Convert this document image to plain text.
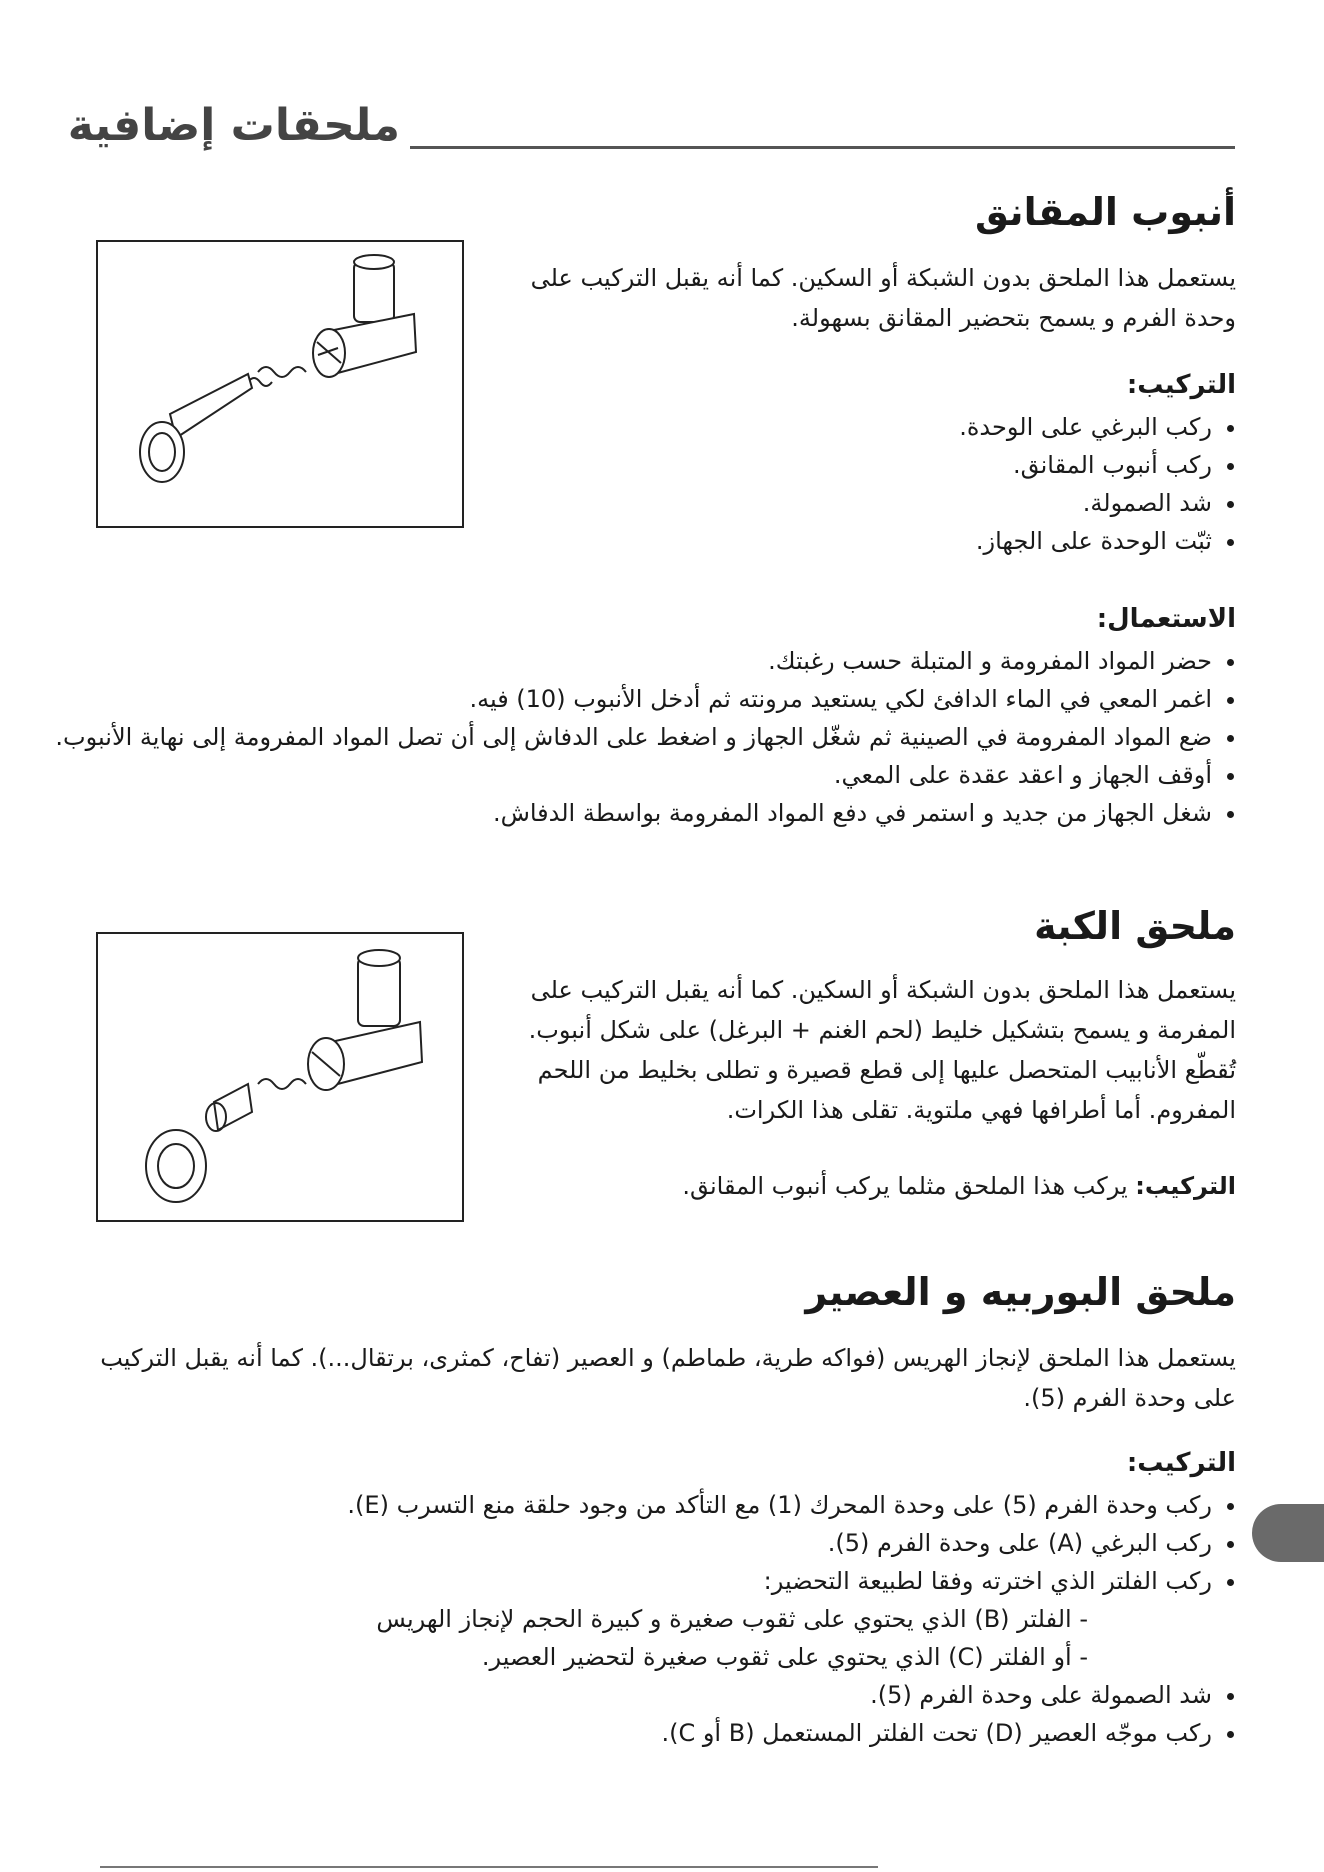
ملحقات إضافية
أنبوب المقانق
يستعمل هذا الملحق بدون الشبكة أو السكين. كما أنه يقبل التركيب على
وحدة الفرم و يسمح بتحضير المقانق بسهولة.
التركيب:
ركب البرغي على الوحدة.
ركب أنبوب المقانق.
شد الصمولة.
ثبّت الوحدة على الجهاز.
الاستعمال:
حضر المواد المفرومة و المتبلة حسب رغبتك.
اغمر المعي في الماء الدافئ لكي يستعيد مرونته ثم أدخل الأنبوب (10) فيه.
ضع المواد المفرومة في الصينية ثم شغّل الجهاز و اضغط على الدفاش إلى أن تصل المواد المفرومة إلى نهاية الأنبوب.
أوقف الجهاز و اعقد عقدة على المعي.
شغل الجهاز من جديد و استمر في دفع المواد المفرومة بواسطة الدفاش.
ملحق الكبة
يستعمل هذا الملحق بدون الشبكة أو السكين. كما أنه يقبل التركيب على
المفرمة و يسمح بتشكيل خليط (لحم الغنم + البرغل) على شكل أنبوب.
تُقطّع الأنابيب المتحصل عليها إلى قطع قصيرة و تطلى بخليط من اللحم
المفروم. أما أطرافها فهي ملتوية. تقلى هذا الكرات.
التركيب: يركب هذا الملحق مثلما يركب أنبوب المقانق.
ملحق البوربيه و العصير
يستعمل هذا الملحق لإنجاز الهريس (فواكه طرية، طماطم) و العصير (تفاح، كمثرى، برتقال...). كما أنه يقبل التركيب
على وحدة الفرم (5).
التركيب:
ركب وحدة الفرم (5) على وحدة المحرك (1) مع التأكد من وجود حلقة منع التسرب (E).
ركب البرغي (A) على وحدة الفرم (5).
ركب الفلتر الذي اخترته وفقا لطبيعة التحضير:
- الفلتر (B) الذي يحتوي على ثقوب صغيرة و كبيرة الحجم لإنجاز الهريس
- أو الفلتر (C) الذي يحتوي على ثقوب صغيرة لتحضير العصير.
شد الصمولة على وحدة الفرم (5).
ركب موجّه العصير (D) تحت الفلتر المستعمل (B أو C).
